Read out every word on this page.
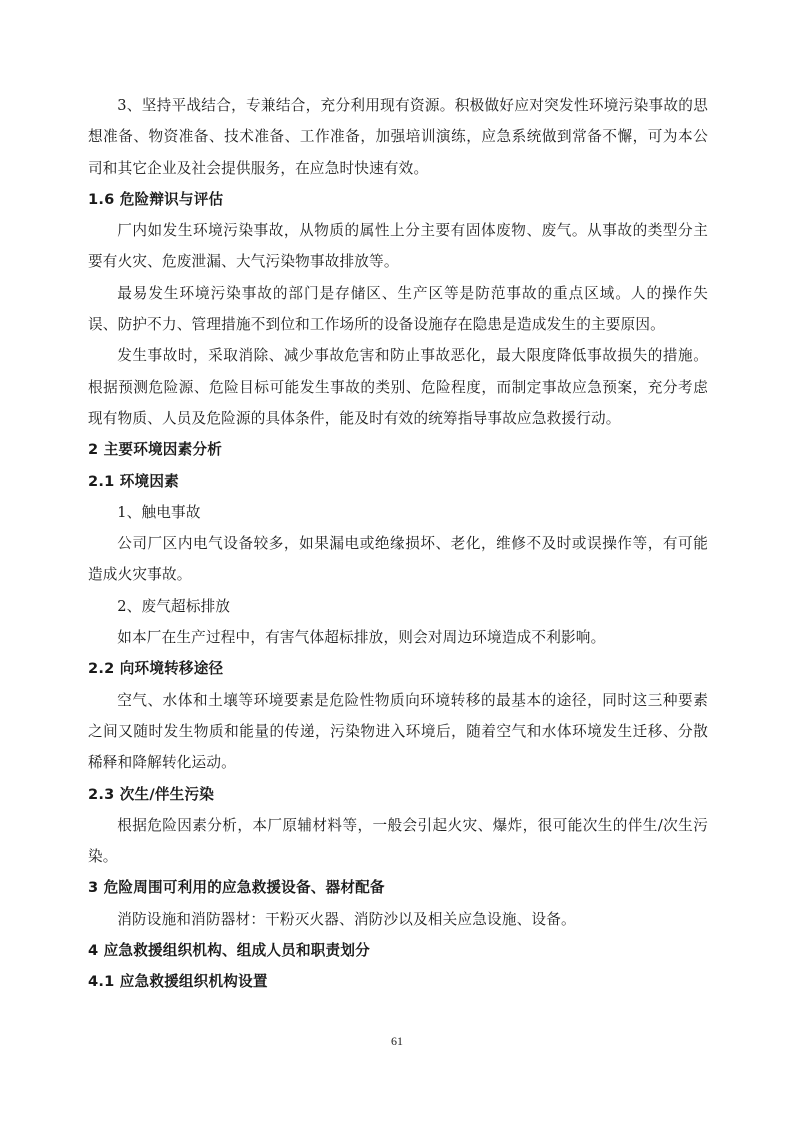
3、坚持平战结合，专兼结合，充分利用现有资源。积极做好应对突发性环境污染事故的思想准备、物资准备、技术准备、工作准备，加强培训演练，应急系统做到常备不懈，可为本公司和其它企业及社会提供服务，在应急时快速有效。

1.6 危险辩识与评估

厂内如发生环境污染事故，从物质的属性上分主要有固体废物、废气。从事故的类型分主要有火灾、危废泄漏、大气污染物事故排放等。

最易发生环境污染事故的部门是存储区、生产区等是防范事故的重点区域。人的操作失误、防护不力、管理措施不到位和工作场所的设备设施存在隐患是造成发生的主要原因。

发生事故时，采取消除、减少事故危害和防止事故恶化，最大限度降低事故损失的措施。根据预测危险源、危险目标可能发生事故的类别、危险程度，而制定事故应急预案，充分考虑现有物质、人员及危险源的具体条件，能及时有效的统筹指导事故应急救援行动。

2 主要环境因素分析

2.1 环境因素

1、触电事故

公司厂区内电气设备较多，如果漏电或绝缘损坏、老化，维修不及时或误操作等，有可能造成火灾事故。

2、废气超标排放

如本厂在生产过程中，有害气体超标排放，则会对周边环境造成不利影响。

2.2 向环境转移途径

空气、水体和土壤等环境要素是危险性物质向环境转移的最基本的途径，同时这三种要素之间又随时发生物质和能量的传递，污染物进入环境后，随着空气和水体环境发生迁移、分散稀释和降解转化运动。

2.3 次生/伴生污染

根据危险因素分析，本厂原辅材料等，一般会引起火灾、爆炸，很可能次生的伴生/次生污染。

3 危险周围可利用的应急救援设备、器材配备

消防设施和消防器材：干粉灭火器、消防沙以及相关应急设施、设备。

4 应急救援组织机构、组成人员和职责划分

4.1 应急救援组织机构设置

61
